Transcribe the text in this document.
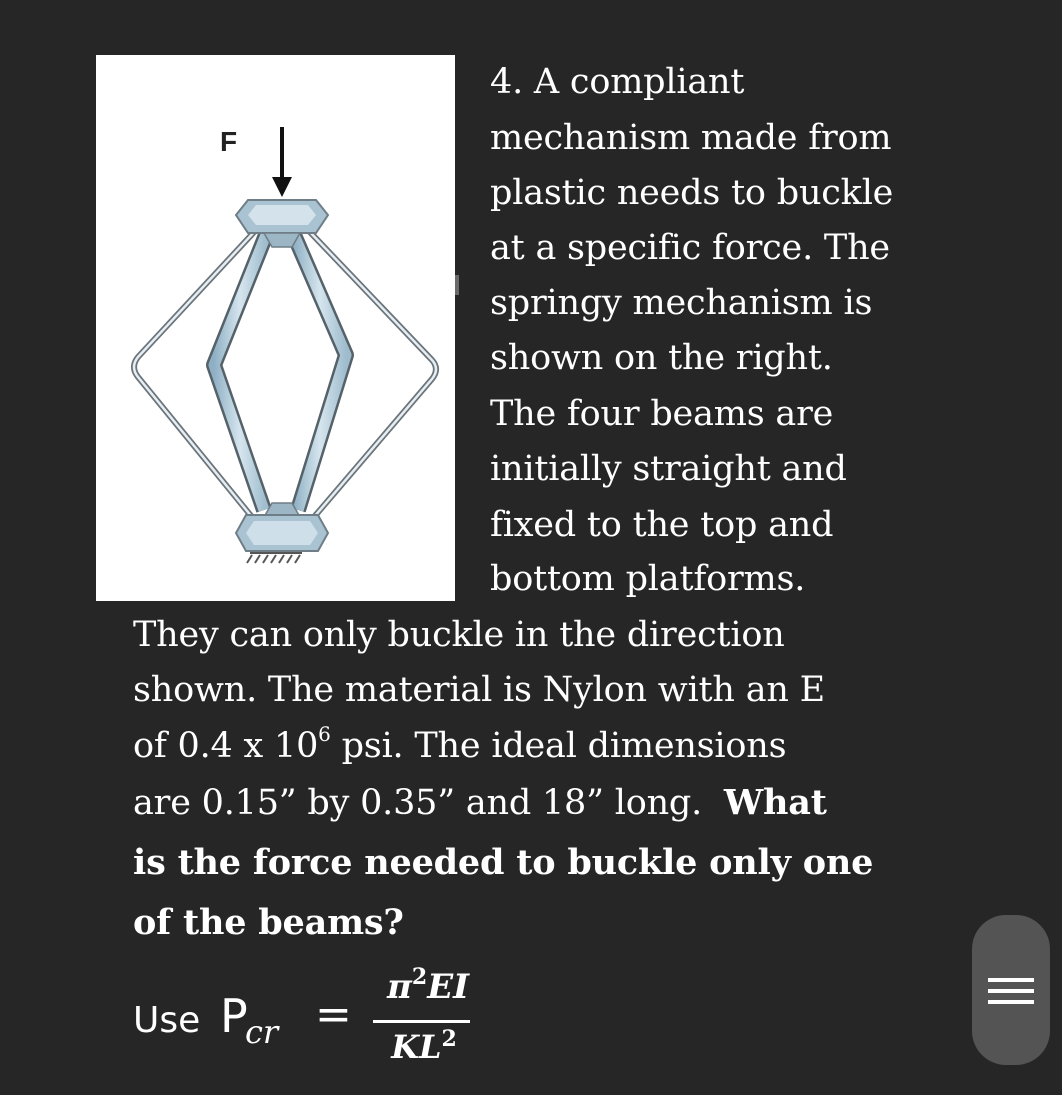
F
4. A compliant
mechanism made from
plastic needs to buckle
at a specific force. The
springy mechanism is
shown on the right.
The four beams are
initially straight and
fixed to the top and
bottom platforms.
They can only buckle in the direction
shown. The material is Nylon with an E
of 0.4 x $10^6$ psi. The ideal dimensions
are 0.15” by 0.35” and 18” long.  What
is the force needed to buckle only one
of the beams?
Use P
cr =
$\pi^2EI$
$KL^2$
